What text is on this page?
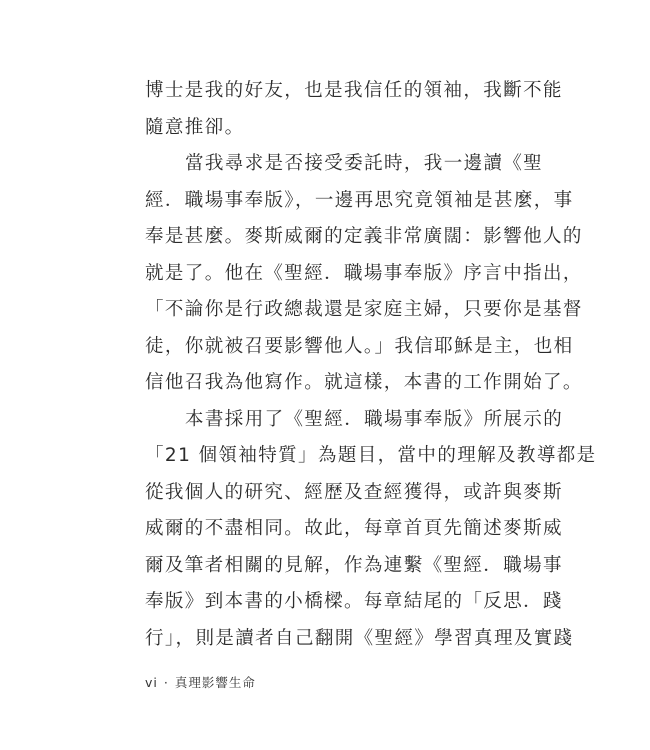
博士是我的好友，也是我信任的領袖，我斷不能
隨意推卻。
當我尋求是否接受委託時，我一邊讀《聖
經．職場事奉版》，一邊再思究竟領袖是甚麼，事
奉是甚麼。麥斯威爾的定義非常廣闊：影響他人的
就是了。他在《聖經．職場事奉版》序言中指出，
「不論你是行政總裁還是家庭主婦，只要你是基督
徒，你就被召要影響他人。」我信耶穌是主，也相
信他召我為他寫作。就這樣，本書的工作開始了。
本書採用了《聖經．職場事奉版》所展示的
「21 個領袖特質」為題目，當中的理解及教導都是
從我個人的研究、經歷及查經獲得，或許與麥斯
威爾的不盡相同。故此，每章首頁先簡述麥斯威
爾及筆者相關的見解，作為連繫《聖經．職場事
奉版》到本書的小橋樑。每章結尾的「反思．踐
行」，則是讀者自己翻開《聖經》學習真理及實踐
vi · 真理影響生命
